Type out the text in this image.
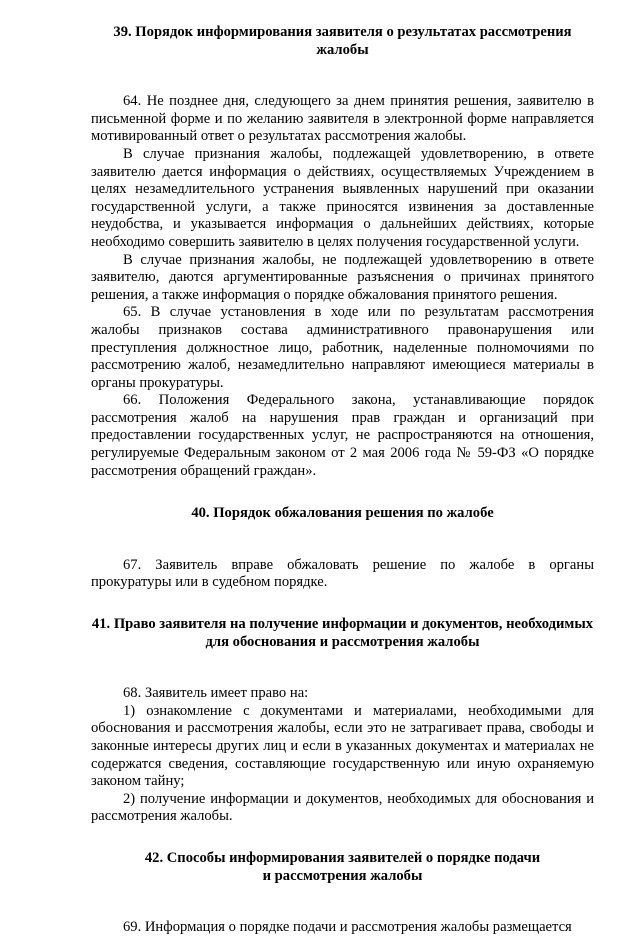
39. Порядок информирования заявителя о результатах рассмотрения жалобы

64. Не позднее дня, следующего за днем принятия решения, заявителю в письменной форме и по желанию заявителя в электронной форме направляется мотивированный ответ о результатах рассмотрения жалобы.

В случае признания жалобы, подлежащей удовлетворению, в ответе заявителю дается информация о действиях, осуществляемых Учреждением в целях незамедлительного устранения выявленных нарушений при оказании государственной услуги, а также приносятся извинения за доставленные неудобства, и указывается информация о дальнейших действиях, которые необходимо совершить заявителю в целях получения государственной услуги.

В случае признания жалобы, не подлежащей удовлетворению в ответе заявителю, даются аргументированные разъяснения о причинах принятого решения, а также информация о порядке обжалования принятого решения.

65. В случае установления в ходе или по результатам рассмотрения жалобы признаков состава административного правонарушения или преступления должностное лицо, работник, наделенные полномочиями по рассмотрению жалоб, незамедлительно направляют имеющиеся материалы в органы прокуратуры.

66. Положения Федерального закона, устанавливающие порядок рассмотрения жалоб на нарушения прав граждан и организаций при предоставлении государственных услуг, не распространяются на отношения, регулируемые Федеральным законом от 2 мая 2006 года № 59-ФЗ «О порядке рассмотрения обращений граждан».

40. Порядок обжалования решения по жалобе

67. Заявитель вправе обжаловать решение по жалобе в органы прокуратуры или в судебном порядке.

41. Право заявителя на получение информации и документов, необходимых для обоснования и рассмотрения жалобы

68. Заявитель имеет право на:

1) ознакомление с документами и материалами, необходимыми для обоснования и рассмотрения жалобы, если это не затрагивает права, свободы и законные интересы других лиц и если в указанных документах и материалах не содержатся сведения, составляющие государственную или иную охраняемую законом тайну;

2) получение информации и документов, необходимых для обоснования и рассмотрения жалобы.

42. Способы информирования заявителей о порядке подачи
и рассмотрения жалобы

69. Информация о порядке подачи и рассмотрения жалобы размещается
